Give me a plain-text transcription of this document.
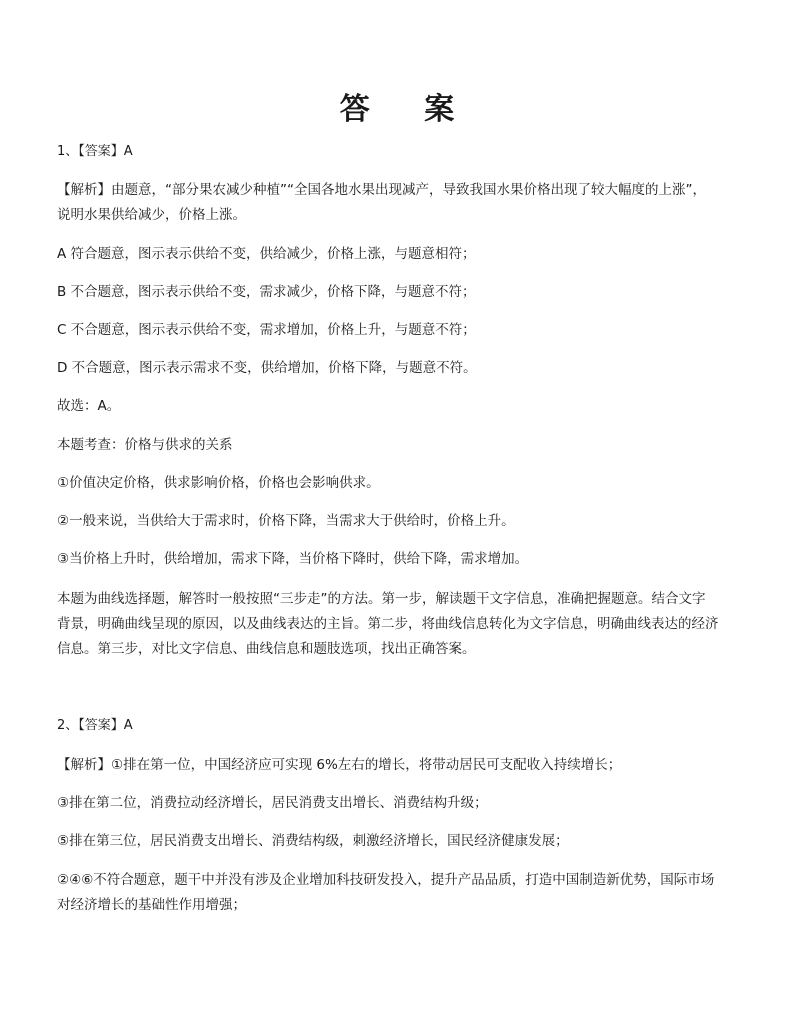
答 案
1、【答案】A
【解析】由题意，“部分果农减少种植”“全国各地水果出现减产，导致我国水果价格出现了较大幅度的上涨”，
说明水果供给减少，价格上涨。
A 符合题意，图示表示供给不变，供给减少，价格上涨，与题意相符；
B 不合题意，图示表示供给不变，需求减少，价格下降，与题意不符；
C 不合题意，图示表示供给不变，需求增加，价格上升，与题意不符；
D 不合题意，图示表示需求不变，供给增加，价格下降，与题意不符。
故选：A。
本题考查：价格与供求的关系
①价值决定价格，供求影响价格，价格也会影响供求。
②一般来说，当供给大于需求时，价格下降，当需求大于供给时，价格上升。
③当价格上升时，供给增加，需求下降，当价格下降时，供给下降，需求增加。
本题为曲线选择题，解答时一般按照“三步走”的方法。第一步，解读题干文字信息，准确把握题意。结合文字
背景，明确曲线呈现的原因，以及曲线表达的主旨。第二步，将曲线信息转化为文字信息，明确曲线表达的经济
信息。第三步，对比文字信息、曲线信息和题肢选项，找出正确答案。
2、【答案】A
【解析】①排在第一位，中国经济应可实现 6%左右的增长，将带动居民可支配收入持续增长；
③排在第二位，消费拉动经济增长，居民消费支出增长、消费结构升级；
⑤排在第三位，居民消费支出增长、消费结构级，刺激经济增长，国民经济健康发展；
②④⑥不符合题意，题干中并没有涉及企业增加科技研发投入，提升产品品质，打造中国制造新优势，国际市场
对经济增长的基础性作用增强；
